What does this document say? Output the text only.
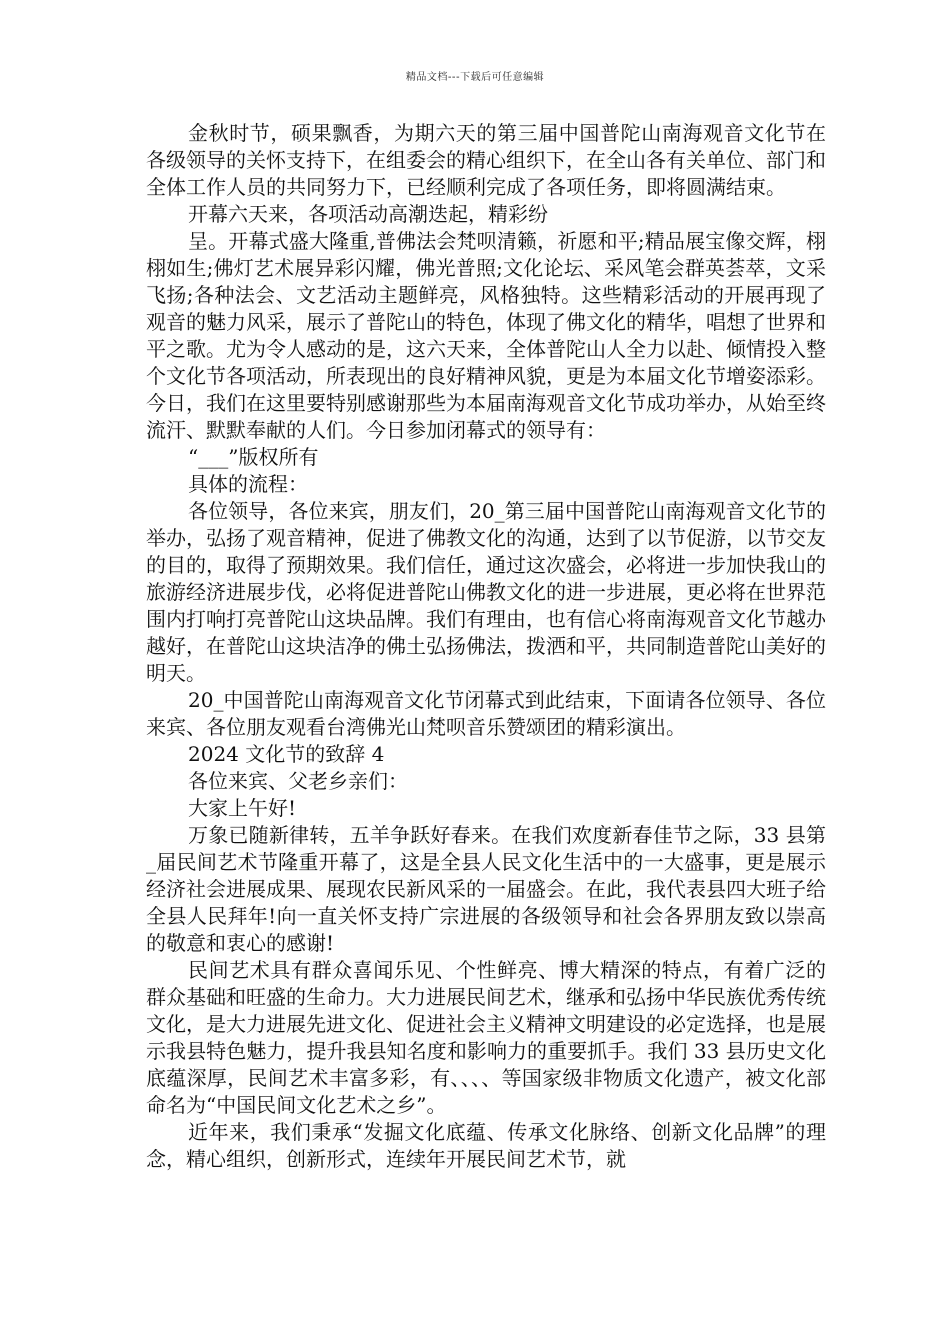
精品文档---下载后可任意编辑

金秋时节，硕果飘香，为期六天的第三届中国普陀山南海观音文化节在各级领导的关怀支持下，在组委会的精心组织下，在全山各有关单位、部门和全体工作人员的共同努力下，已经顺利完成了各项任务，即将圆满结束。

开幕六天来，各项活动高潮迭起，精彩纷

呈。开幕式盛大隆重,普佛法会梵呗清籁，祈愿和平;精品展宝像交辉，栩栩如生;佛灯艺术展异彩闪耀，佛光普照;文化论坛、采风笔会群英荟萃，文采飞扬;各种法会、文艺活动主题鲜亮，风格独特。这些精彩活动的开展再现了观音的魅力风采，展示了普陀山的特色，体现了佛文化的精华，唱想了世界和平之歌。尤为令人感动的是，这六天来，全体普陀山人全力以赴、倾情投入整个文化节各项活动，所表现出的良好精神风貌，更是为本届文化节增姿添彩。今日，我们在这里要特别感谢那些为本届南海观音文化节成功举办，从始至终流汗、默默奉献的人们。今日参加闭幕式的领导有：

“___”版权所有

具体的流程：

各位领导，各位来宾，朋友们，20_第三届中国普陀山南海观音文化节的举办，弘扬了观音精神，促进了佛教文化的沟通，达到了以节促游，以节交友的目的，取得了预期效果。我们信任，通过这次盛会，必将进一步加快我山的旅游经济进展步伐，必将促进普陀山佛教文化的进一步进展，更必将在世界范围内打响打亮普陀山这块品牌。我们有理由，也有信心将南海观音文化节越办越好，在普陀山这块洁净的佛土弘扬佛法，拨洒和平，共同制造普陀山美好的明天。

20_中国普陀山南海观音文化节闭幕式到此结束，下面请各位领导、各位来宾、各位朋友观看台湾佛光山梵呗音乐赞颂团的精彩演出。

2024 文化节的致辞 4

各位来宾、父老乡亲们：

大家上午好!

万象已随新律转，五羊争跃好春来。在我们欢度新春佳节之际，33 县第_届民间艺术节隆重开幕了，这是全县人民文化生活中的一大盛事，更是展示经济社会进展成果、展现农民新风采的一届盛会。在此，我代表县四大班子给全县人民拜年!向一直关怀支持广宗进展的各级领导和社会各界朋友致以崇高的敬意和衷心的感谢!

民间艺术具有群众喜闻乐见、个性鲜亮、博大精深的特点，有着广泛的群众基础和旺盛的生命力。大力进展民间艺术，继承和弘扬中华民族优秀传统文化，是大力进展先进文化、促进社会主义精神文明建设的必定选择，也是展示我县特色魅力，提升我县知名度和影响力的重要抓手。我们 33 县历史文化底蕴深厚，民间艺术丰富多彩，有、、、、等国家级非物质文化遗产，被文化部命名为“中国民间文化艺术之乡”。

近年来，我们秉承“发掘文化底蕴、传承文化脉络、创新文化品牌”的理念，精心组织，创新形式，连续年开展民间艺术节，就
